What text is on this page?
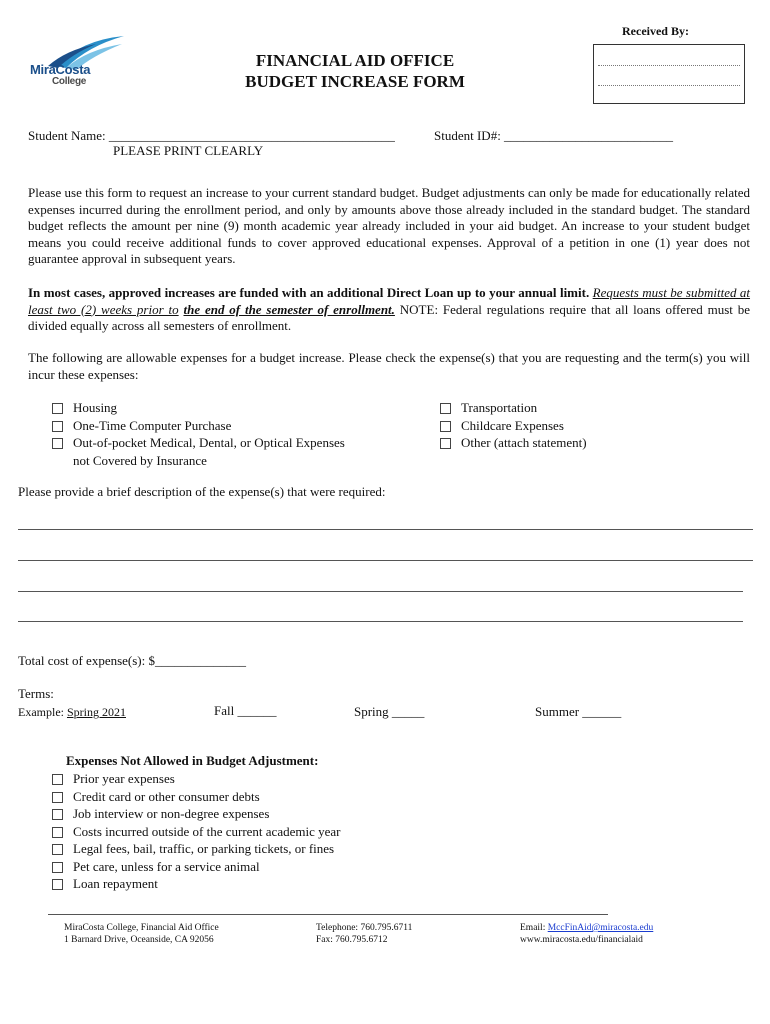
MiraCosta
College
FINANCIAL AID OFFICE
BUDGET INCREASE FORM
Received By:
Student Name: ____________________________________________
PLEASE PRINT CLEARLY
Student ID#: __________________________
Please use this form to request an increase to your current standard budget. Budget adjustments can only be made for educationally related expenses incurred during the enrollment period, and only by amounts above those already included in the standard budget. The standard budget reflects the amount per nine (9) month academic year already included in your aid budget. An increase to your student budget means you could receive additional funds to cover approved educational expenses. Approval of a petition in one (1) year does not guarantee approval in subsequent years.
In most cases, approved increases are funded with an additional Direct Loan up to your annual limit. Requests must be submitted at least two (2) weeks prior to the end of the semester of enrollment. NOTE: Federal regulations require that all loans offered must be divided equally across all semesters of enrollment.
The following are allowable expenses for a budget increase. Please check the expense(s) that you are requesting and the term(s) you will incur these expenses:
Housing
One-Time Computer Purchase
Out-of-pocket Medical, Dental, or Optical Expenses
not Covered by Insurance
Transportation
Childcare Expenses
Other (attach statement)
Please provide a brief description of the expense(s) that were required:
Total cost of expense(s): $______________
Terms:
Example: Spring 2021	Fall ______	Spring _____	Summer ______
Expenses Not Allowed in Budget Adjustment:
Prior year expenses
Credit card or other consumer debts
Job interview or non-degree expenses
Costs incurred outside of the current academic year
Legal fees, bail, traffic, or parking tickets, or fines
Pet care, unless for a service animal
Loan repayment
MiraCosta College, Financial Aid Office
1 Barnard Drive, Oceanside, CA 92056
Telephone: 760.795.6711
Fax: 760.795.6712
Email: MccFinAid@miracosta.edu
www.miracosta.edu/financialaid
